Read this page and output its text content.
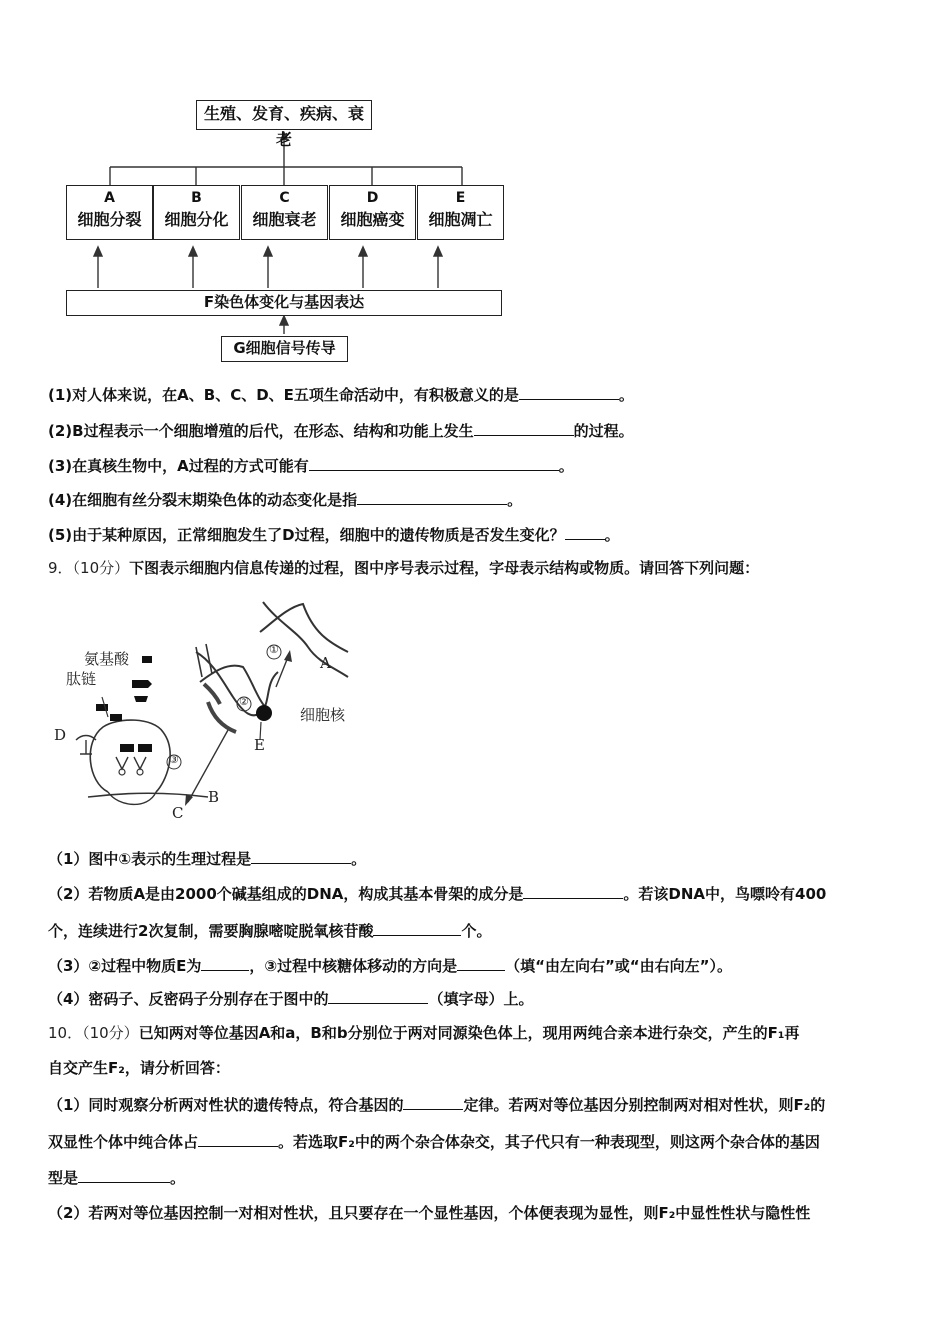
生殖、发育、疾病、衰老
A
细胞分裂
B
细胞分化
C
细胞衰老
D
细胞癌变
E
细胞凋亡
F染色体变化与基因表达
G细胞信号传导
(1)对人体来说，在A、B、C、D、E五项生命活动中，有积极意义的是	。
(2)B过程表示一个细胞增殖的后代，在形态、结构和功能上发生	的过程。
(3)在真核生物中，A过程的方式可能有	。
(4)在细胞有丝分裂末期染色体的动态变化是指	。
(5)由于某种原因，正常细胞发生了D过程，细胞中的遗传物质是否发生变化？	。
9．（10分）下图表示细胞内信息传递的过程，图中序号表示过程，字母表示结构或物质。请回答下列问题：
氨基酸
肽链
细胞核
①
②
③
A
B
C
D
E
（1）图中①表示的生理过程是	。
（2）若物质A是由2000个碱基组成的DNA，构成其基本骨架的成分是	。若该DNA中，鸟嘌呤有400
个，连续进行2次复制，需要胸腺嘧啶脱氧核苷酸	个。
（3）②过程中物质E为	，③过程中核糖体移动的方向是	（填“由左向右”或“由右向左”）。
（4）密码子、反密码子分别存在于图中的	（填字母）上。
10．（10分）已知两对等位基因A和a，B和b分别位于两对同源染色体上，现用两纯合亲本进行杂交，产生的F₁再
自交产生F₂，请分析回答：
（1）同时观察分析两对性状的遗传特点，符合基因的	定律。若两对等位基因分别控制两对相对性状，则F₂的
双显性个体中纯合体占	。若选取F₂中的两个杂合体杂交，其子代只有一种表现型，则这两个杂合体的基因
型是	。
（2）若两对等位基因控制一对相对性状，且只要存在一个显性基因，个体便表现为显性，则F₂中显性性状与隐性性
